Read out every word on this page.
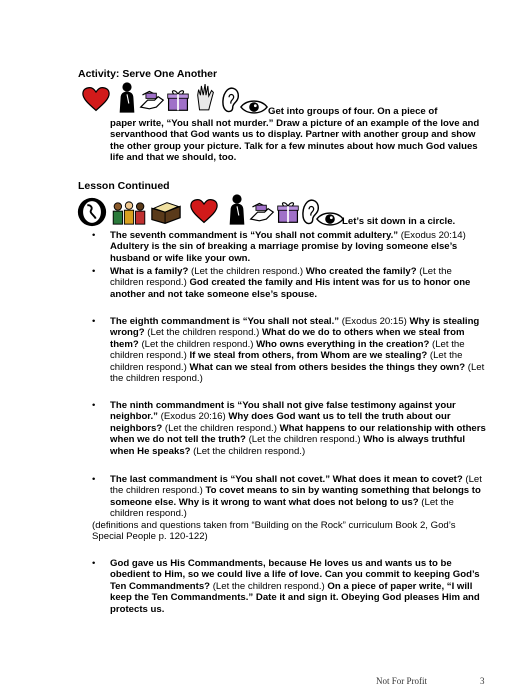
Activity: Serve One Another
Get into groups of four. On a piece of
paper write, “You shall not murder.” Draw a picture of an example of the love and servanthood that God wants us to display. Partner with another group and show the other group your picture. Talk for a few minutes about how much God values life and that we should, too.
Lesson Continued
Let’s sit down in a circle.
• The seventh commandment is “You shall not commit adultery.” (Exodus 20:14) Adultery is the sin of breaking a marriage promise by loving someone else’s husband or wife like your own.
• What is a family? (Let the children respond.) Who created the family? (Let the children respond.) God created the family and His intent was for us to honor one another and not take someone else’s spouse.
• The eighth commandment is “You shall not steal.” (Exodus 20:15) Why is stealing wrong? (Let the children respond.) What do we do to others when we steal from them? (Let the children respond.) Who owns everything in the creation? (Let the children respond.) If we steal from others, from Whom are we stealing? (Let the children respond.) What can we steal from others besides the things they own? (Let the children respond.)
• The ninth commandment is “You shall not give false testimony against your neighbor.” (Exodus 20:16) Why does God want us to tell the truth about our neighbors? (Let the children respond.) What happens to our relationship with others when we do not tell the truth? (Let the children respond.) Who is always truthful when He speaks? (Let the children respond.)
• The last commandment is “You shall not covet.” What does it mean to covet? (Let the children respond.) To covet means to sin by wanting something that belongs to someone else. Why is it wrong to want what does not belong to us? (Let the children respond.)
(definitions and questions taken from “Building on the Rock” curriculum Book 2, God’s Special People p. 120-122)
• God gave us His Commandments, because He loves us and wants us to be obedient to Him, so we could live a life of love. Can you commit to keeping God’s Ten Commandments? (Let the children respond.) On a piece of paper write, “I will keep the Ten Commandments.” Date it and sign it. Obeying God pleases Him and protects us.
Not For Profit	3
